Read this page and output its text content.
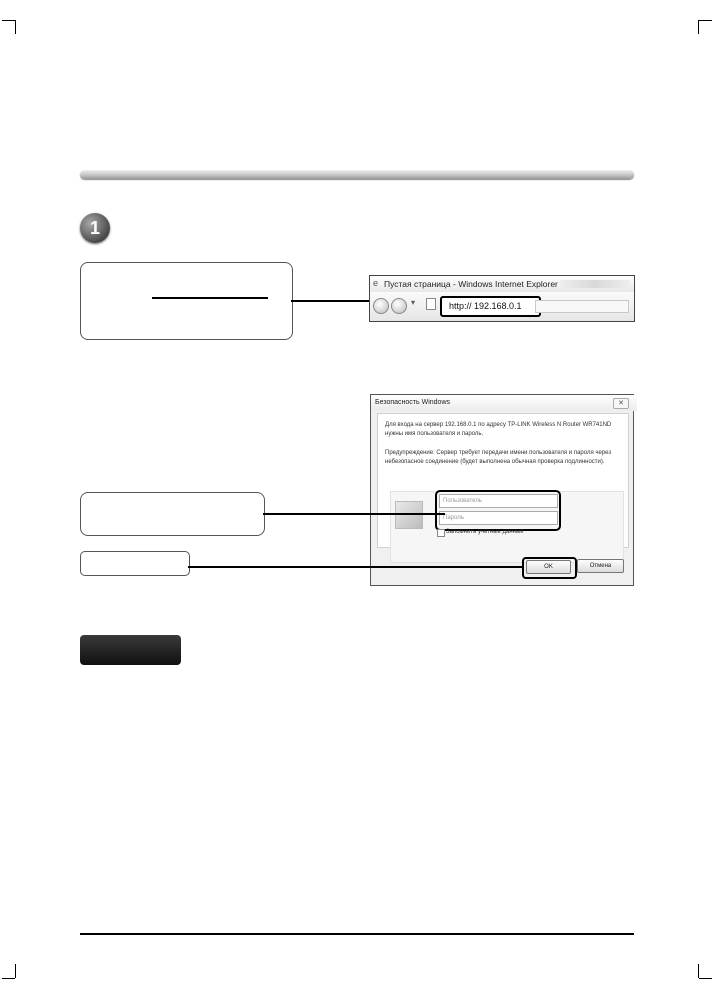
1
e Пустая страница - Windows Internet Explorer
▾	http:// 192.168.0.1
Безопасность Windows	✕
Для входа на сервер 192.168.0.1 по адресу TP-LINK Wireless N Router WR741ND нужны имя пользователя и пароль.
Предупреждение: Сервер требует передачи имени пользователя и пароля через небезопасное соединение (будет выполнена обычная проверка подлинности).
Пользователь
Пароль
Запомнить учетные данные
OK	Отмена
